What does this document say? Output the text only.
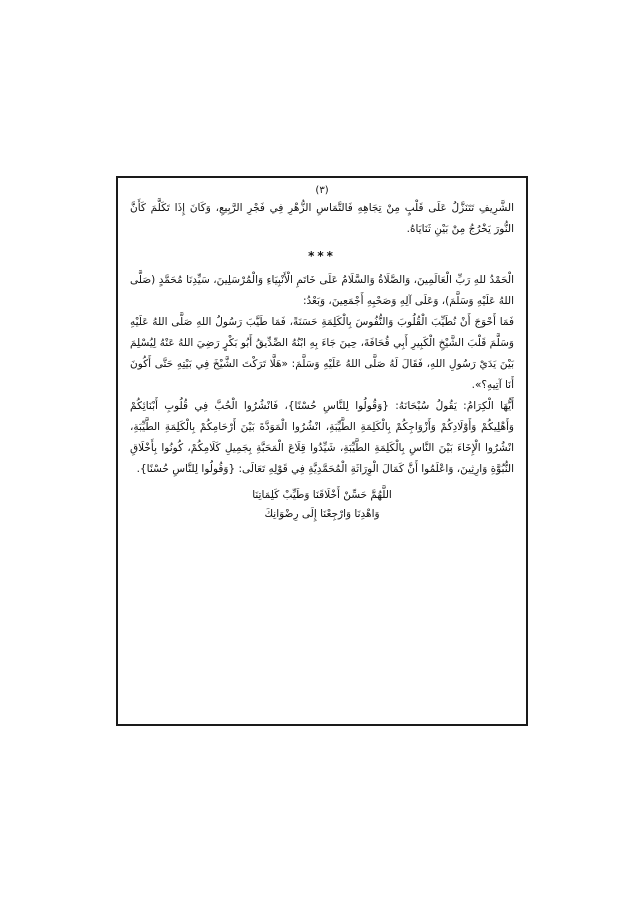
(٣)

الشَّرِيفِ تَتَنَزَّلُ عَلَى قَلْبٍ مِنْ تِجَاهِهِ فَالتَّمَاسِ الزُّهْرِ فِي فَجْرِ الرَّبِيعِ، وَكَانَ إِذَا تَكَلَّمَ كَأَنَّ النُّورَ يَخْرُجُ مِنْ بَيْنِ ثَنَايَاهُ.

***

الْحَمْدُ للهِ رَبِّ الْعَالَمِينَ، وَالصَّلَاةُ وَالسَّلَامُ عَلَى خَاتَمِ الْأَنْبِيَاءِ وَالْمُرْسَلِينَ، سَيِّدِنَا مُحَمَّدٍ (صَلَّى اللهُ عَلَيْهِ وَسَلَّمَ)، وَعَلَى آلِهِ وَصَحْبِهِ أَجْمَعِينَ، وَبَعْدُ:

فَمَا أَحْوَجَ أَنْ نُطَيِّبَ الْقُلُوبَ وَالنُّفُوسَ بِالْكَلِمَةِ حَسَنَةً، فَمَا طَيَّبَ رَسُولُ اللهِ صَلَّى اللهُ عَلَيْهِ وَسَلَّمَ قَلْبَ الشَّيْخِ الْكَبِيرِ أَبِي قُحَافَةَ، حِينَ جَاءَ بِهِ ابْنُهُ الصِّدِّيقُ أَبُو بَكْرٍ رَضِيَ اللهُ عَنْهُ لِيُسْلِمَ بَيْنَ يَدَيْ رَسُولِ اللهِ، فَقَالَ لَهُ صَلَّى اللهُ عَلَيْهِ وَسَلَّمَ: «هَلَّا تَرَكْتَ الشَّيْخَ فِي بَيْتِهِ حَتَّى أَكُونَ أَنَا آتِيهِ؟».

أَيُّهَا الْكِرَامُ: يَقُولُ سُبْحَانَهُ: {وَقُولُوا لِلنَّاسِ حُسْنًا}، فَانْشُرُوا الْحُبَّ فِي قُلُوبِ أَبْنَائِكُمْ وَأَهْلِيكُمْ وَأَوْلَادِكُمْ وَأَزْوَاجِكُمْ بِالْكَلِمَةِ الطَّيِّبَةِ، انْشُرُوا الْمَوَدَّةَ بَيْنَ أَرْحَامِكُمْ بِالْكَلِمَةِ الطَّيِّبَةِ، انْشُرُوا الْإِخَاءَ بَيْنَ النَّاسِ بِالْكَلِمَةِ الطَّيِّبَةِ، شَيِّدُوا قِلَاعَ الْمَحَبَّةِ بِجَمِيلِ كَلَامِكُمْ، كُونُوا بِأَخْلَاقِ النُّبُوَّةِ وَارِثِينَ، وَاعْلَمُوا أَنَّ كَمَالَ الْوِرَاثَةِ الْمُحَمَّدِيَّةِ فِي قَوْلِهِ تَعَالَى: {وَقُولُوا لِلنَّاسِ حُسْنًا}.

اللَّهُمَّ حَسِّنْ أَخْلَاقَنَا وَطَيِّبْ كَلِمَاتِنَا

وَاهْدِنَا وَارْجِعْنَا إِلَى رِضْوَانِكَ
